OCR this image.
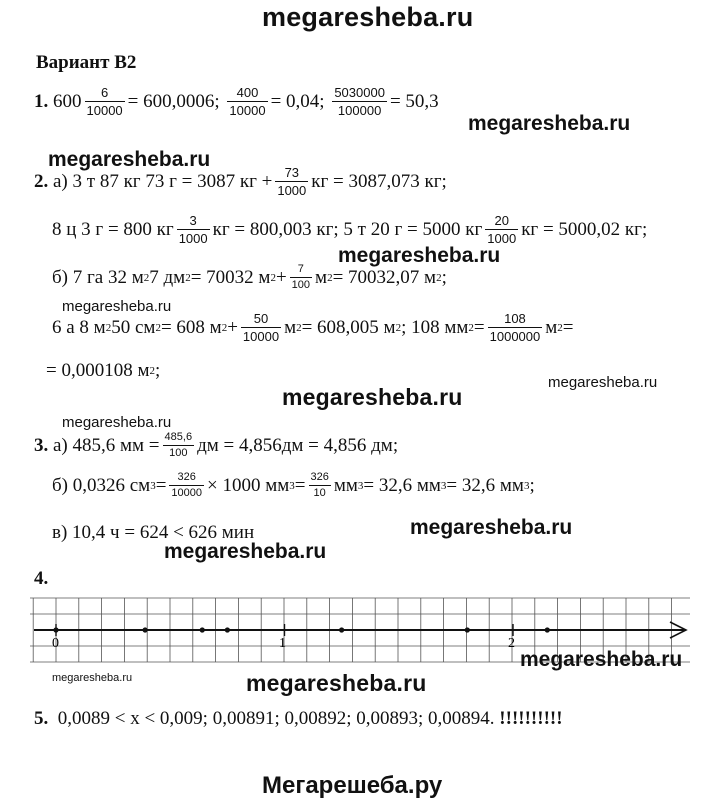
megaresheba.ru
Вариант В2
1.
$600 \frac{6}{10000} = 600,0006$;
$\frac{400}{10000} = 0,04$;
$\frac{5030000}{100000} = 50,3$
megaresheba.ru
megaresheba.ru
2.
а) 3 т 87 кг 73 г = 3087 кг + $\frac{73}{1000}$ кг = 3087,073 кг;
8 ц 3 г = 800 кг $\frac{3}{1000}$ кг = 800,003 кг; 5 т 20 г = 5000 кг $\frac{20}{1000}$ кг = 5000,02 кг;
megaresheba.ru
б) 7 га 32 м 2 7 дм 2 = 70032 м $2 + \frac{7}{100}$ м 2 = 70032,07 м 2 ;
megaresheba.ru
6 а 8 м 2 50 см 2 = 608 м $2 + \frac{50}{10000}$ м 2 = 608,005 м 2 ; 108 мм $2 = \frac{108}{1000000}$ м 2 =
= 0,000108 м 2 ;
megaresheba.ru
megaresheba.ru
megaresheba.ru
3.
а) 485,6 мм = $\frac{485,6}{100}$ дм = 4,856дм = 4,856 дм;
б) 0,0326 см $3 = \frac{326}{10000} \times 1000$ мм $3 = \frac{326}{10}$ мм 3 = 32,6 мм 3 = 32,6 мм 3 ;
в) 10,4 ч = 624 < 626 мин	megaresheba.ru
megaresheba.ru
4.
0	1	2
megaresheba.ru
megaresheba.ru	megaresheba.ru
5.
0,0089 < x < 0,009; 0,00891; 0,00892; 0,00893; 0,00894.
!!!!!!!!!!
Мегарешеба.ру
